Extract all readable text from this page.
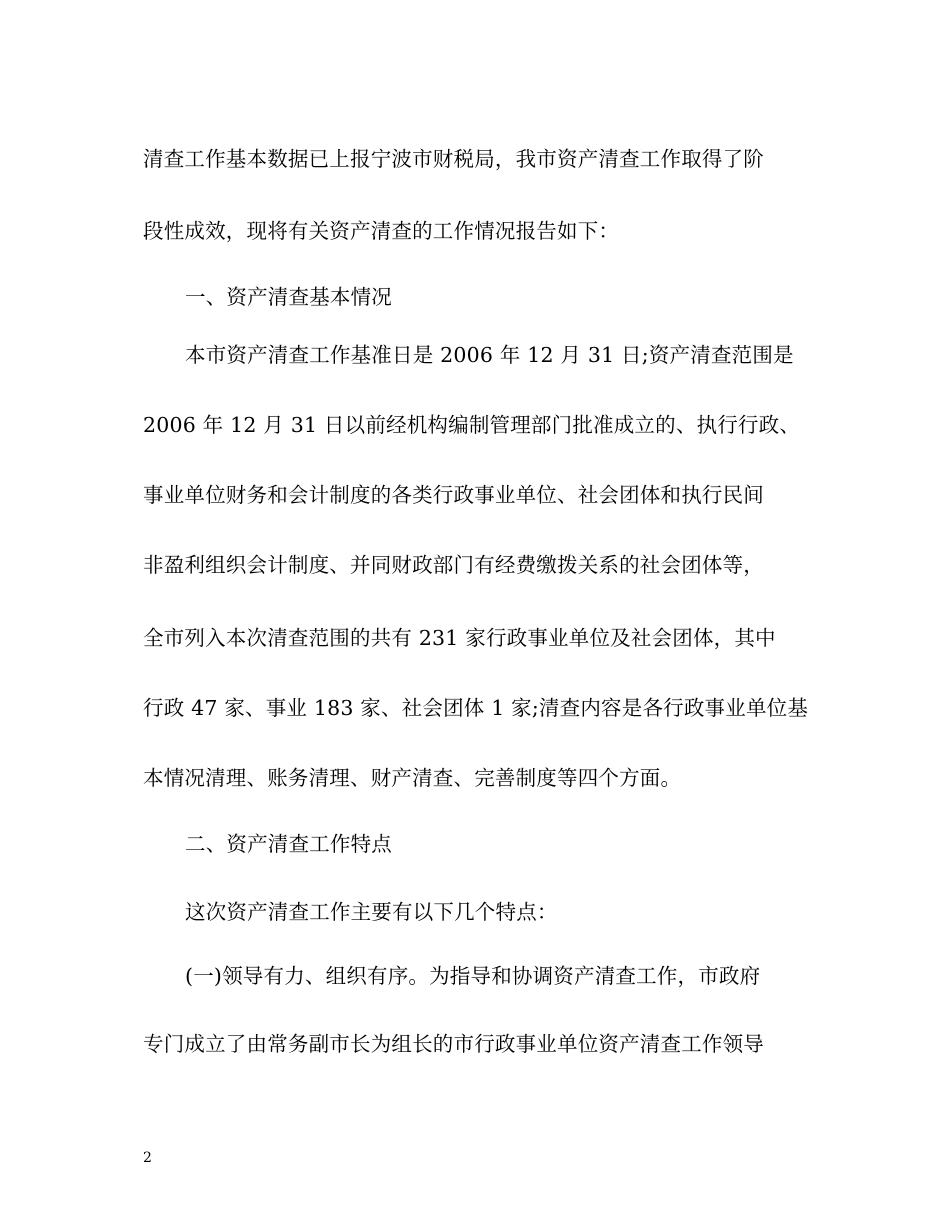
清查工作基本数据已上报宁波市财税局，我市资产清查工作取得了阶
段性成效，现将有关资产清查的工作情况报告如下：
一、资产清查基本情况
本市资产清查工作基准日是 2006 年 12 月 31 日;资产清查范围是
2006 年 12 月 31 日以前经机构编制管理部门批准成立的、执行行政、
事业单位财务和会计制度的各类行政事业单位、社会团体和执行民间
非盈利组织会计制度、并同财政部门有经费缴拨关系的社会团体等，
全市列入本次清查范围的共有 231 家行政事业单位及社会团体，其中
行政 47 家、事业 183 家、社会团体 1 家;清查内容是各行政事业单位基
本情况清理、账务清理、财产清查、完善制度等四个方面。
二、资产清查工作特点
这次资产清查工作主要有以下几个特点：
(一)领导有力、组织有序。为指导和协调资产清查工作，市政府
专门成立了由常务副市长为组长的市行政事业单位资产清查工作领导
2
